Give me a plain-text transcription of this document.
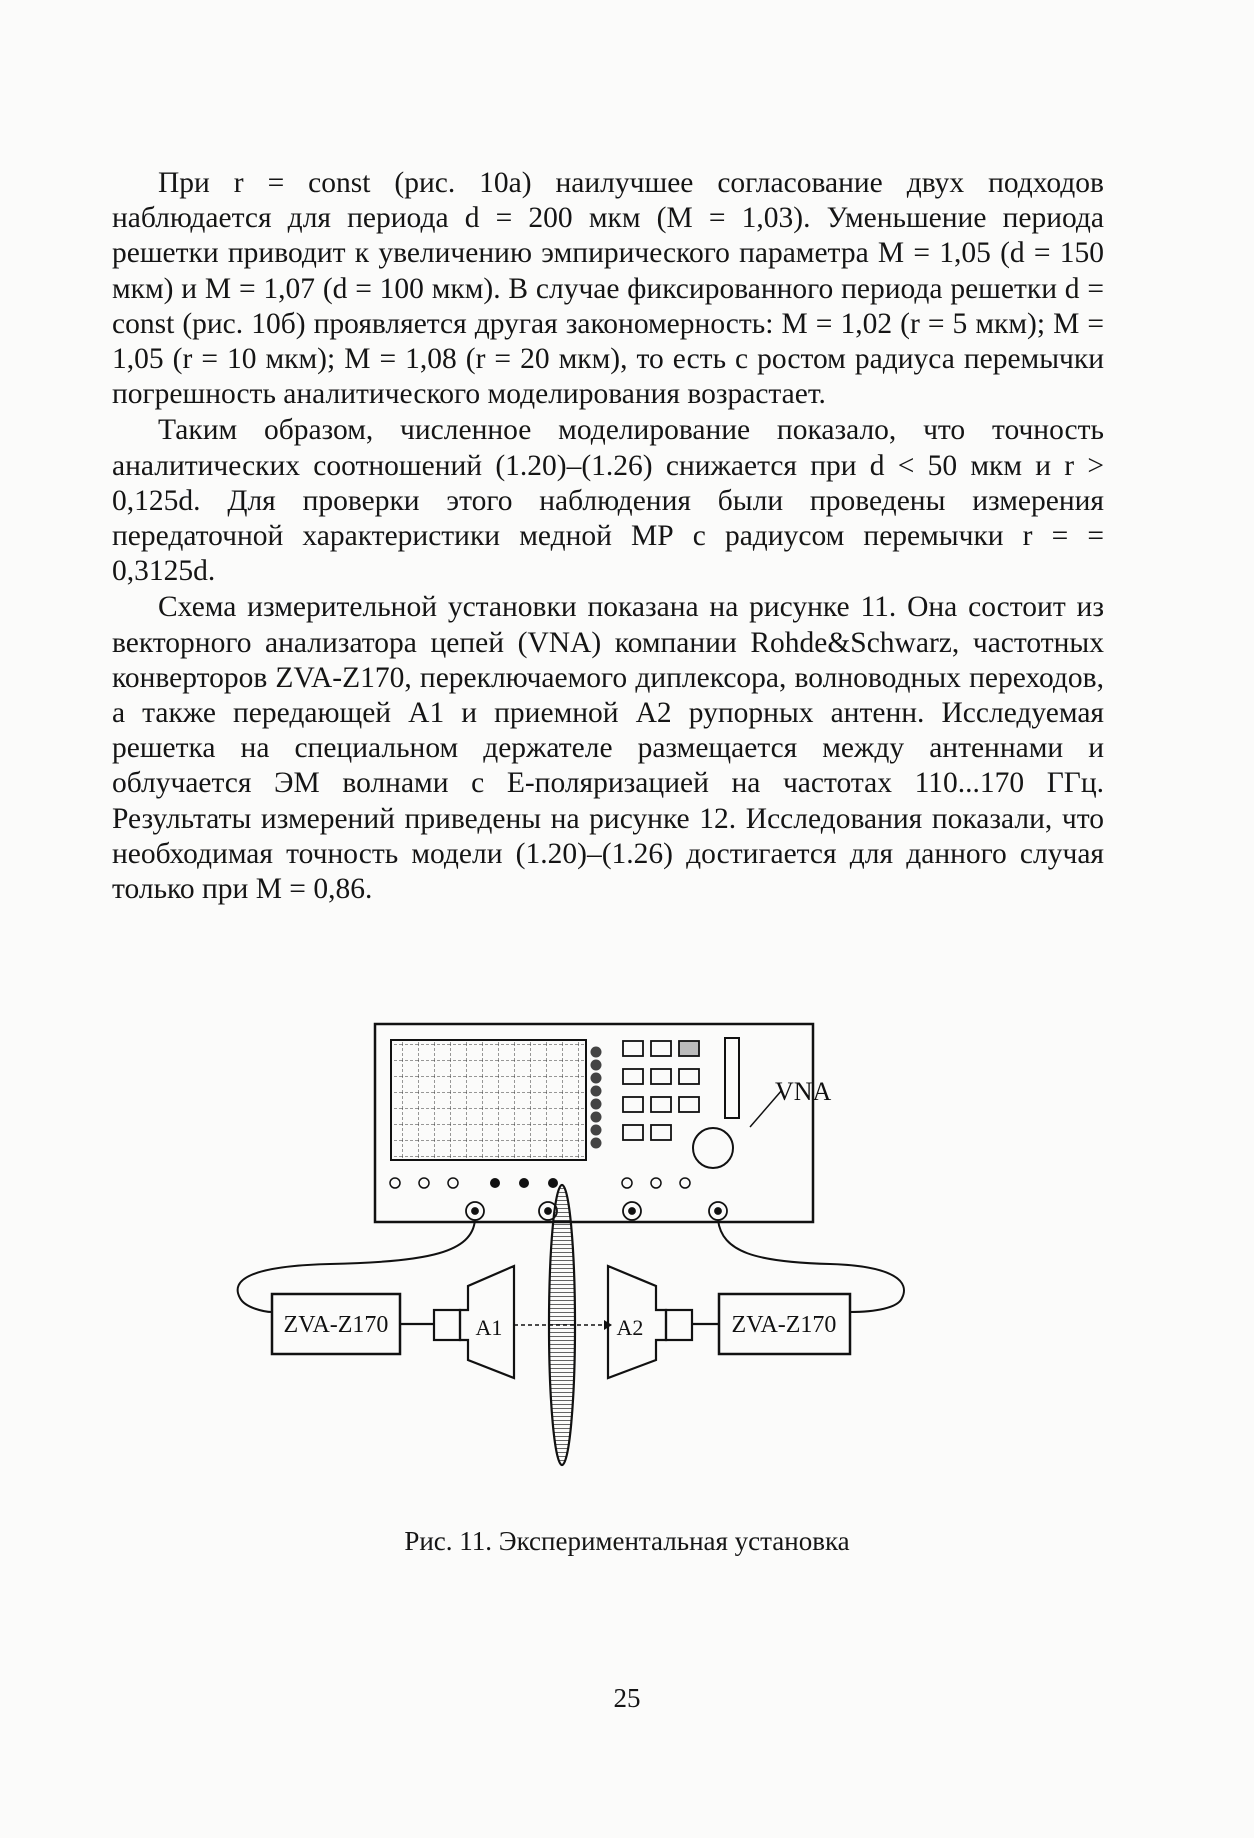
При r = const (рис. 10а) наилучшее согласование двух подходов наблюдается для периода d = 200 мкм (M = 1,03). Уменьшение периода решетки приводит к увеличению эмпирического параметра M = 1,05 (d = 150 мкм) и M = 1,07 (d = 100 мкм). В случае фиксированного периода решетки d = const (рис. 10б) проявляется другая закономерность: M = 1,02 (r = 5 мкм); M = 1,05 (r = 10 мкм); M = 1,08 (r = 20 мкм), то есть с ростом радиуса перемычки погрешность аналитического моделирования возрастает.

Таким образом, численное моделирование показало, что точность аналитических соотношений (1.20)–(1.26) снижается при d < 50 мкм и r > 0,125d. Для проверки этого наблюдения были проведены измерения передаточной характеристики медной МР с радиусом перемычки r = = 0,3125d.

Схема измерительной установки показана на рисунке 11. Она состоит из векторного анализатора цепей (VNA) компании Rohde&Schwarz, частотных конверторов ZVA-Z170, переключаемого диплексора, волноводных переходов, а также передающей A1 и приемной A2 рупорных антенн. Исследуемая решетка на специальном держателе размещается между антеннами и облучается ЭМ волнами с E-поляризацией на частотах 110...170 ГГц. Результаты измерений приведены на рисунке 12. Исследования показали, что необходимая точность модели (1.20)–(1.26) достигается для данного случая только при M = 0,86.

VNA
ZVA-Z170	ZVA-Z170
A1	A2
Рис. 11. Экспериментальная установка
25
